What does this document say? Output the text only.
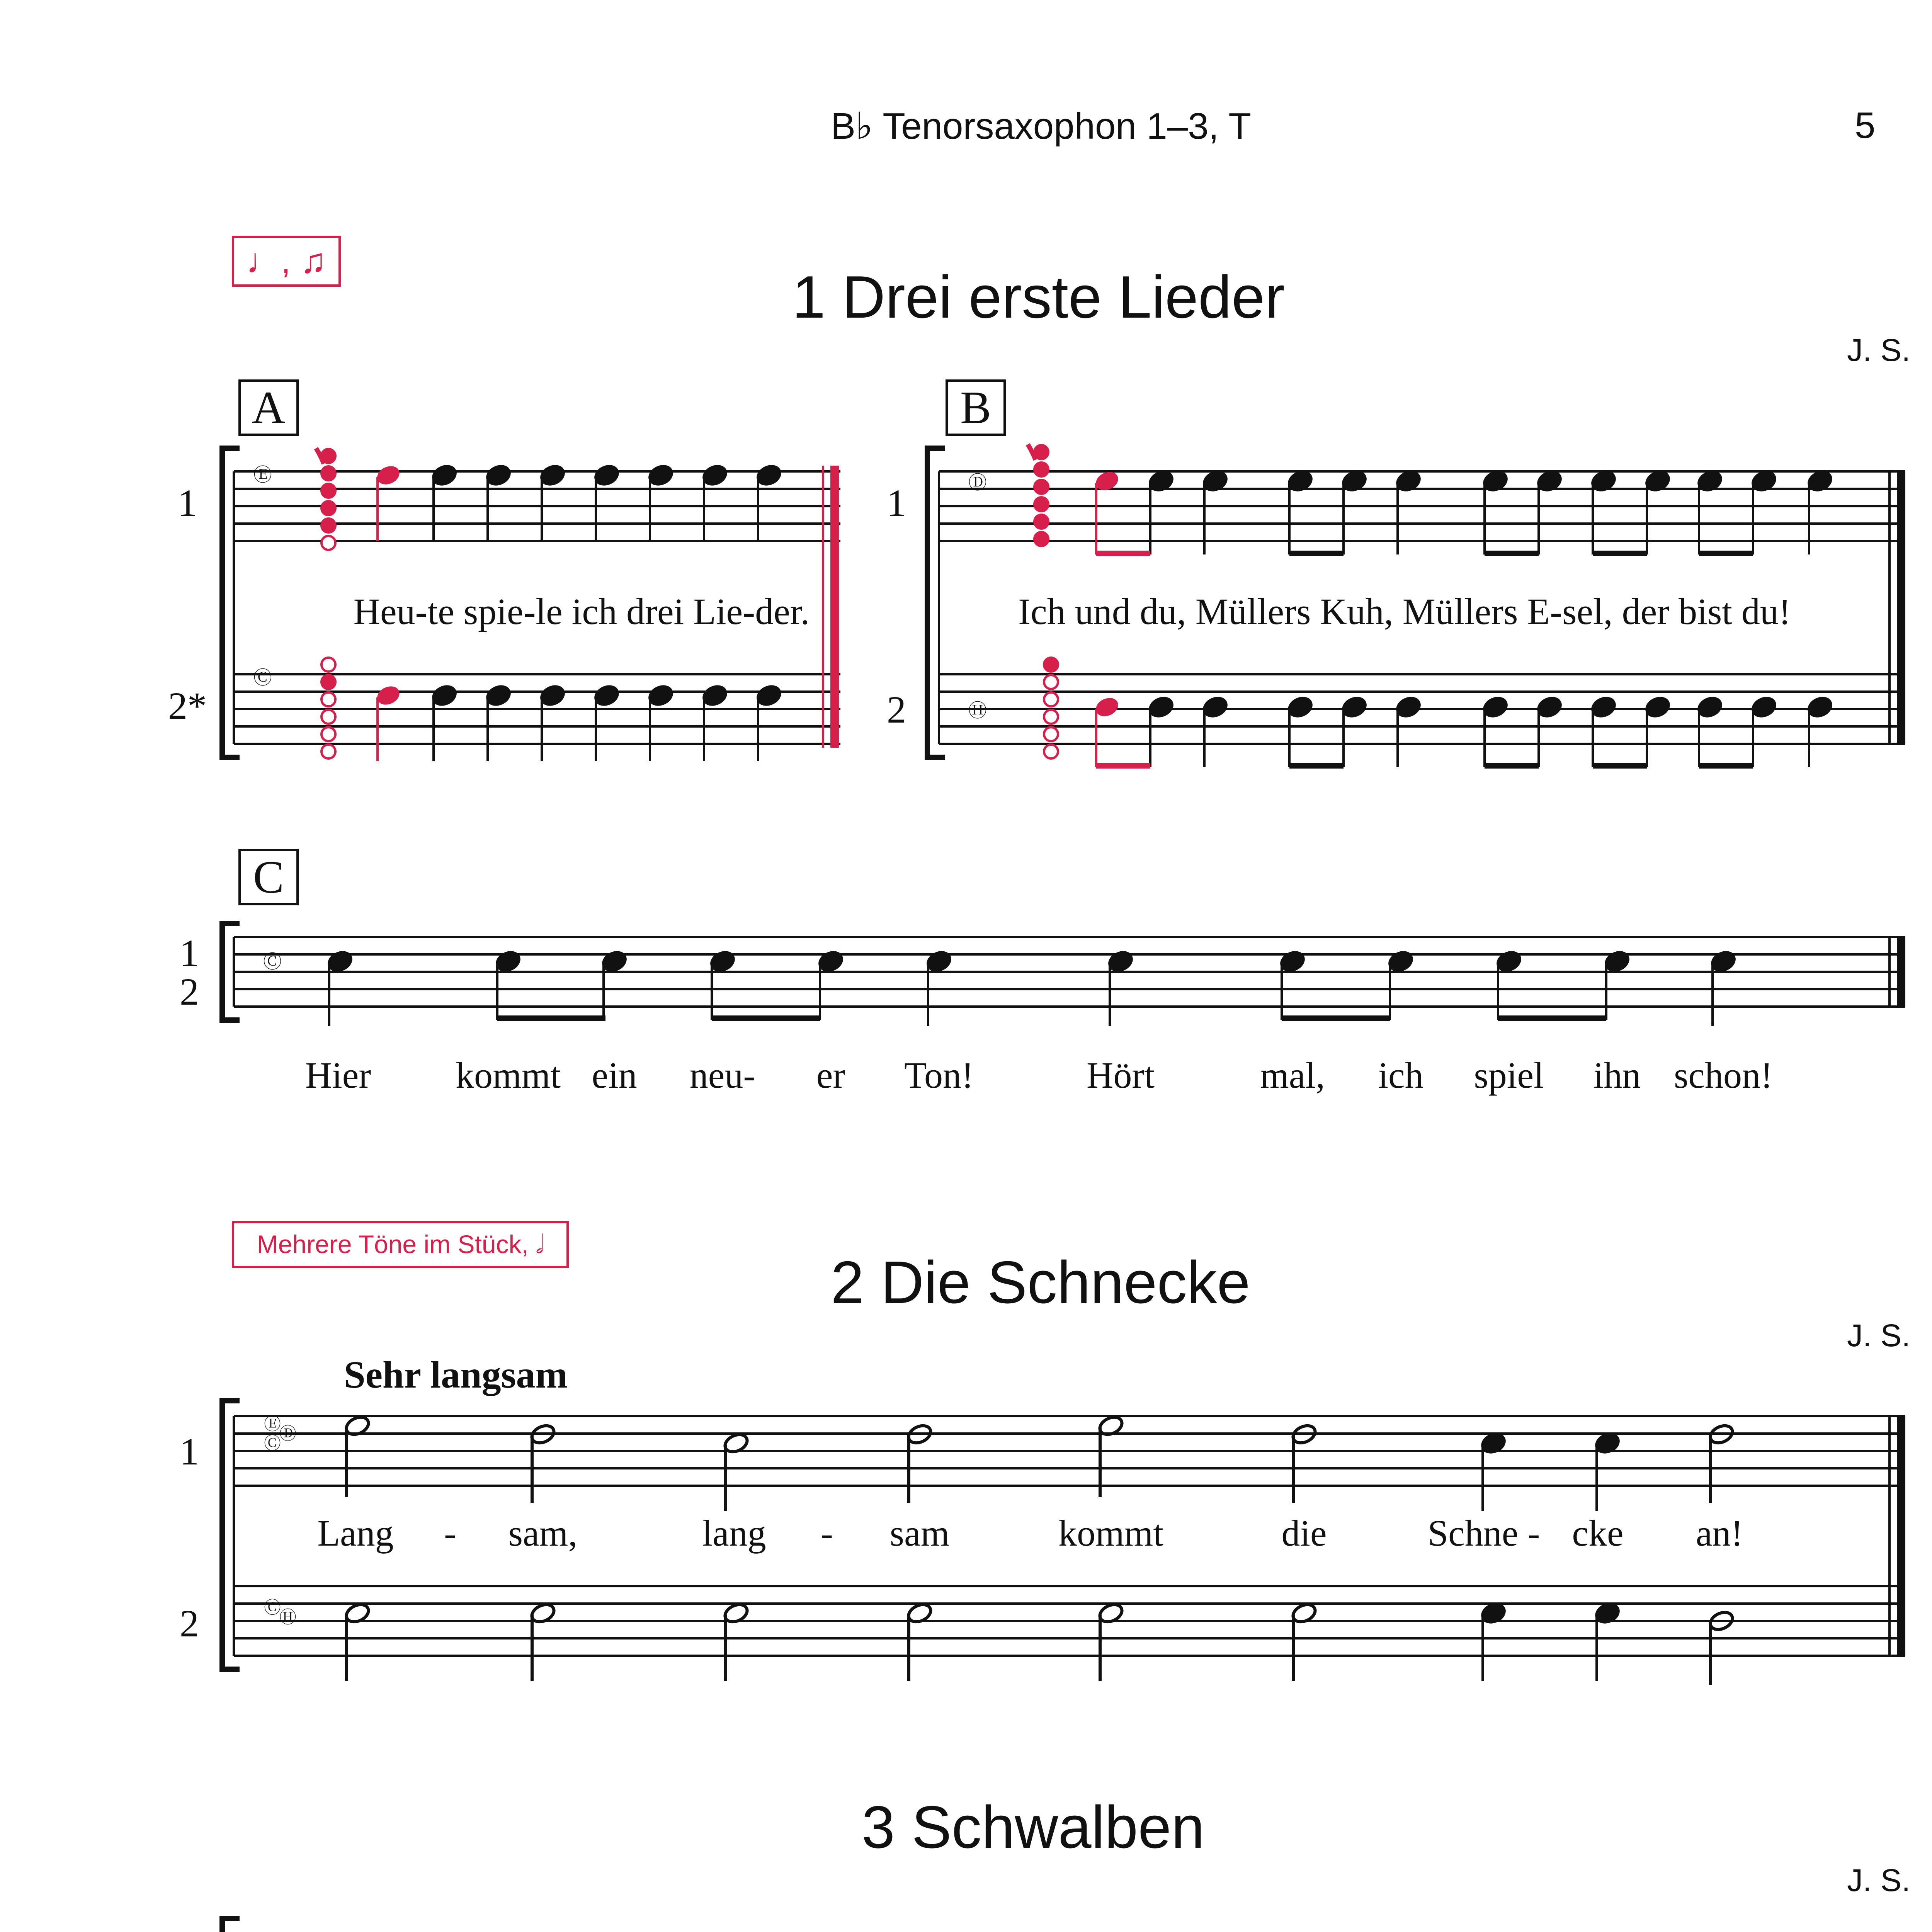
B♭ Tenorsaxophon 1–3, T	5
♩, ♫
1 Drei erste Lieder
J. S.
Mehrere Töne im Stück, 𝅗𝅥
2 Die Schnecke
J. S.
Sehr langsam
3 Schwalben
J. S.
A
1
2*
Ⓔ
Ⓒ
Heu-te spie-le ich drei Lie-der.
B
1
2
Ⓓ
Ⓗ
Ich und du, Müllers Kuh, Müllers E-sel, der bist du!
C
1
2
Ⓒ
Hier kommt ein neu- er Ton!	Hört	mal, ich spiel ihn schon!
1
2
Ⓔ
Ⓓ
Ⓒ
Ⓒ
Ⓗ
Lang - sam,	lang - sam	kommt	die	Schne - cke an!
